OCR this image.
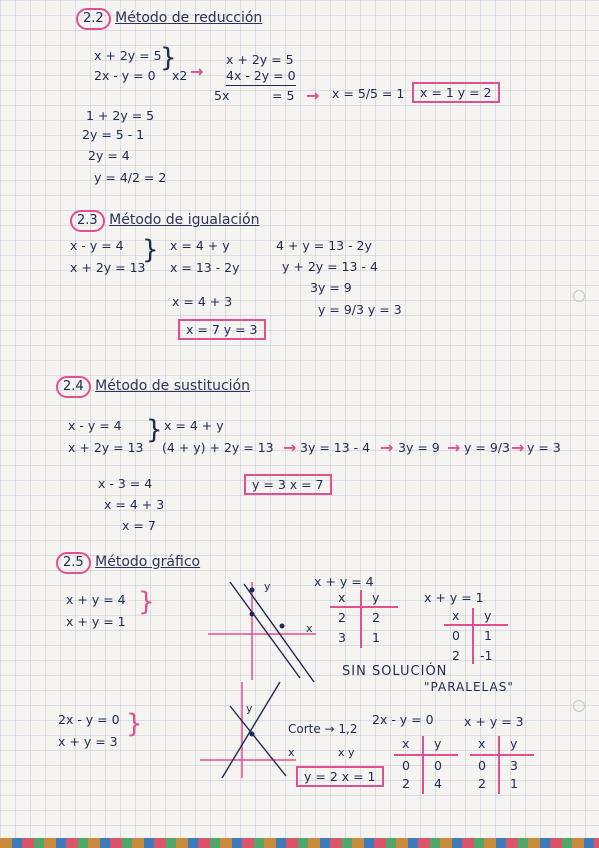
2.2 Método de reducción
x + 2y = 5
2x - y = 0
}
x2 →
x + 2y = 5
4x - 2y = 0
5x	= 5 → x = 5/5 = 1	x = 1 y = 2
1 + 2y = 5
2y = 5 - 1
2y = 4
y = 4/2 = 2
2.3 Método de igualación
x - y = 4
x + 2y = 13
} x = 4 + y
x = 13 - 2y
x = 4 + 3
4 + y = 13 - 2y
y + 2y = 13 - 4
3y = 9
y = 9/3 y = 3
x = 7 y = 3
2.4 Método de sustitución
x - y = 4
x + 2y = 13
} x = 4 + y
(4 + y) + 2y = 13 → 3y = 13 - 4 → 3y = 9 → y = 9/3 → y = 3
x - 3 = 4
x = 4 + 3
x = 7
y = 3 x = 7
2.5 Método gráfico
x + y = 4
x + y = 1
}
y
x
x + y = 4
x y
2 2
3 1
x + y = 1
x y
0 1
2 -1
SIN SOLUCIÓN
"PARALELAS"
2x - y = 0
x + y = 3
}
y
x
Corte → 1,2
x y
y = 2 x = 1
2x - y = 0
x y
0 0
2 4
x + y = 3
x y
0 3
2 1
